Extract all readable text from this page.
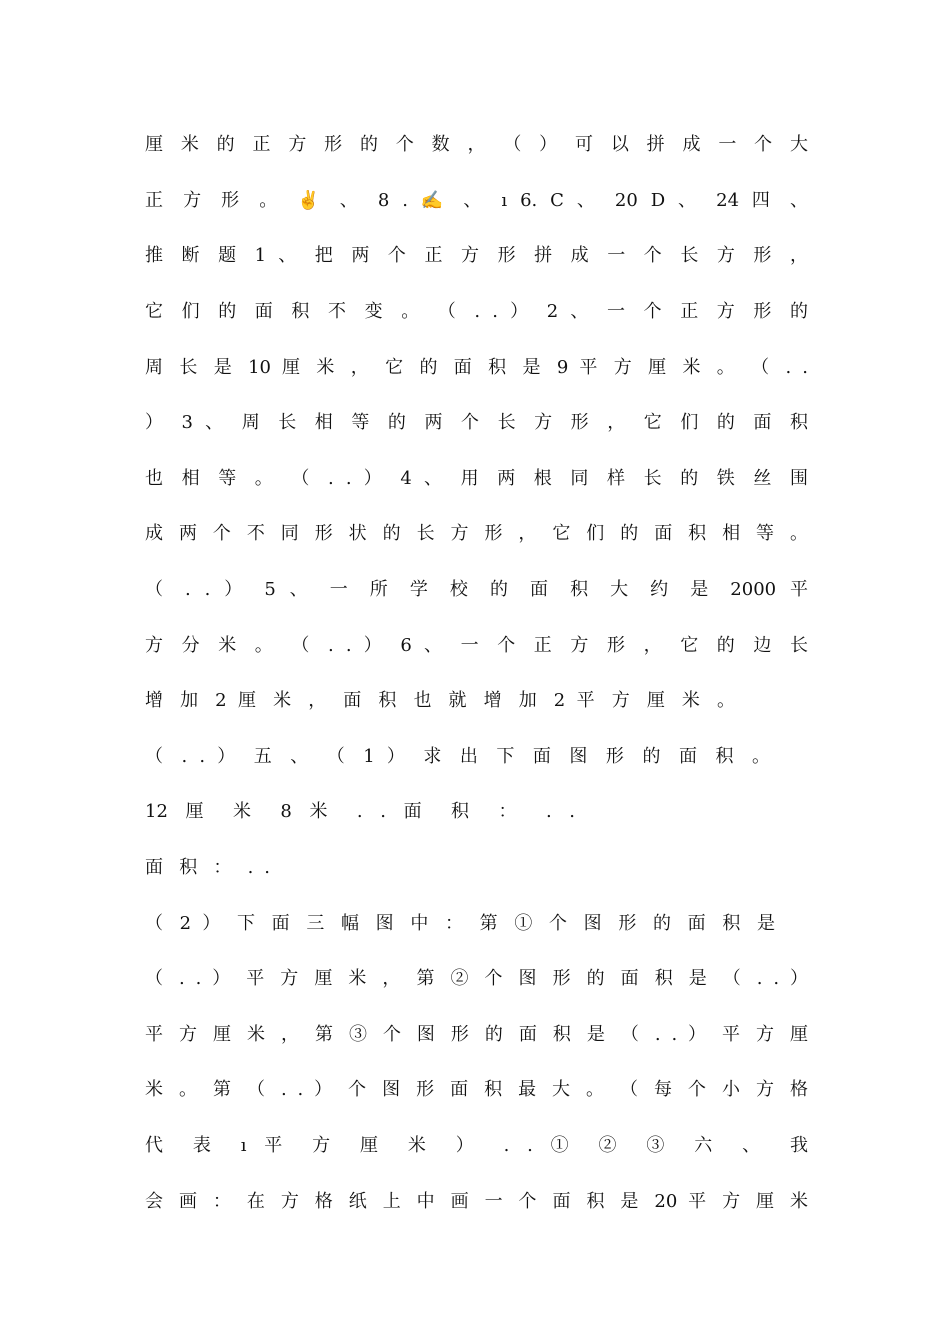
厘 米 的 正 方 形 的 个 数 ， （ ） 可 以 拼 成 一 个 大
正 方 形 。 ✌ 、 8 . ✍ 、 ı 6. C 、 20 D 、 24 四 、
推 断 题 1 、 把 两 个 正 方 形 拼 成 一 个 长 方 形 ，
它 们 的 面 积 不 变 。 （ . . ） 2 、 一 个 正 方 形 的
周 长 是 10 厘 米 ， 它 的 面 积 是 9 平 方 厘 米 。 （ . .
） 3 、 周 长 相 等 的 两 个 长 方 形 ， 它 们 的 面 积
也 相 等 。 （ . . ） 4 、 用 两 根 同 样 长 的 铁 丝 围
成 两 个 不 同 形 状 的 长 方 形 ， 它 们 的 面 积 相 等 。
（ . . ） 5 、 一 所 学 校 的 面 积 大 约 是 2000 平
方 分 米 。 （ . . ） 6 、 一 个 正 方 形 ， 它 的 边 长
增 加 2 厘 米 ， 面 积 也 就 增 加 2 平 方 厘 米 。
（ . . ） 五 、 （ 1 ） 求 出 下 面 图 形 的 面 积 。
12 厘 米 8 米 . . 面 积 ： . .
面 积 ： . .
（ 2 ） 下 面 三 幅 图 中 ： 第 ① 个 图 形 的 面 积 是
（ . . ） 平 方 厘 米 ， 第 ② 个 图 形 的 面 积 是 （ . . ）
平 方 厘 米 ， 第 ③ 个 图 形 的 面 积 是 （ . . ） 平 方 厘
米 。 第 （ . . ） 个 图 形 面 积 最 大 。 （ 每 个 小 方 格
代 表 ı 平 方 厘 米 ） . . ① ② ③ 六 、 我
会 画 ： 在 方 格 纸 上 中 画 一 个 面 积 是 20 平 方 厘 米
